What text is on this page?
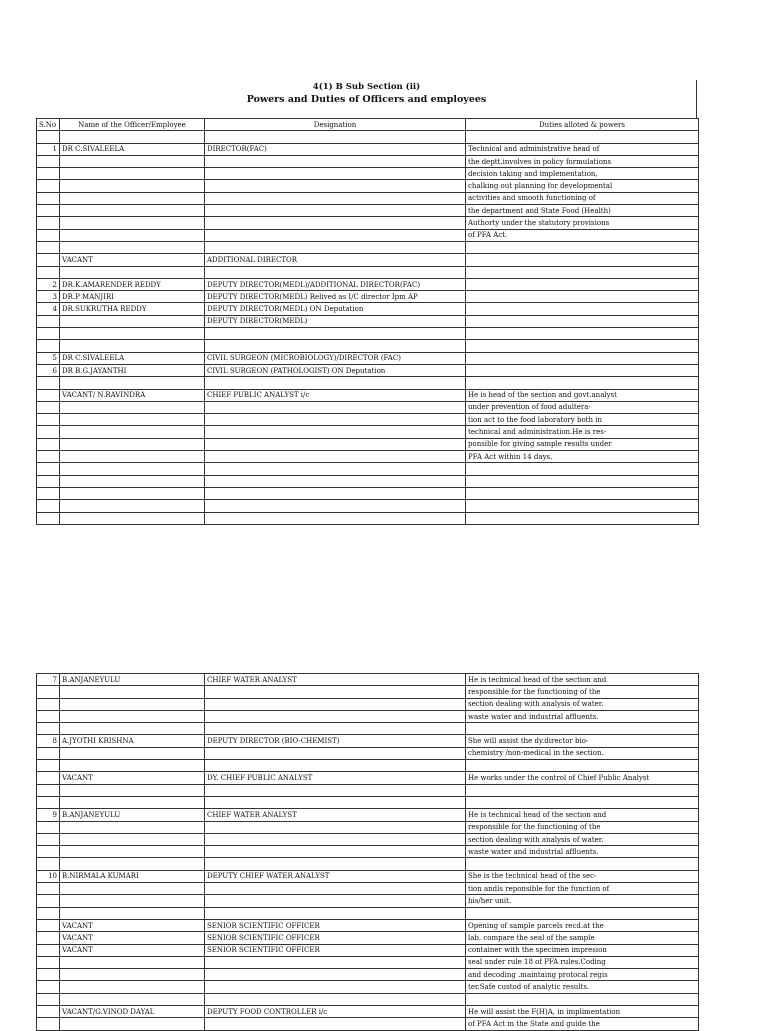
4(1) B Sub Section (ii)
Powers and Duties of Officers and employees
S.No	Name of the Officer/Employee	Designation	Duties alloted & powers

1	DR C.SIVALEELA	DIRECTOR(FAC)	Technical and administrative head of
			the deptt.involves in policy formulations
			decision taking and implementation,
			chalking out planning for developmental
			activities and smooth functioning of
			the department and State Food (Health)
			Authorty under the statutory provisions
			of PFA Act.

	VACANT	ADDITIONAL DIRECTOR	

2	DR.K.AMARENDER REDDY	DEPUTY DIRECTOR(MEDL)/ADDITIONAL DIRECTOR(FAC)	
3	DR.P MANJIRI	DEPUTY DIRECTOR(MEDL) Relived as I/C director Ipm AP	
4	DR.SUKRUTHA REDDY	DEPUTY DIRECTOR(MEDL) ON Deputation	
		DEPUTY DIRECTOR(MEDL)	

5	DR C.SIVALEELA	CIVIL SURGEON (MICROBIOLOGY)/DIRECTOR (FAC)	
6	DR B.G.JAYANTHI	CIVIL SURGEON (PATHOLOGIST) ON Deputation	

	VACANT/ N.RAVINDRA	CHIEF PUBLIC ANALYST i/c	He is head of the section and govt.analyst
			under prevention of food adultera-
			tion act to the food laboratory both in
			technical and administration.He is res-
			ponsible for giving sample results under
			PFA Act within 14 days.

7	B.ANJANEYULU	CHIEF WATER ANALYST	He is technical head of the section and
			responsible for the functioning of the
			section dealing with analysis of water.
			waste water and industrial affluents.

8	A.JYOTHI KRISHNA	DEPUTY DIRECTOR (BIO-CHEMIST)	She will assist the dy.director bio-
			chemistry /non-medical in the section.

	VACANT	DY. CHIEF PUBLIC ANALYST	He works under the control of Chief Public Analyst

9	B.ANJANEYULU	CHIEF WATER ANALYST	He is technical head of the section and
			responsible for the functioning of the
			section dealing with analysis of water.
			waste water and industrial affluents.

10	B.NIRMALA KUMARI	DEPUTY CHIEF WATER ANALYST	She is the technical head of the sec-
			tion andis reponsible for the function of
			his/her unit.

	VACANT	SENIOR SCIENTIFIC OFFICER	Opening of sample parcels recd.at the
	VACANT	SENIOR SCIENTIFIC OFFICER	lab. compare the seal of the sample
	VACANT	SENIOR SCIENTIFIC OFFICER	container with the specimen impresion
			seal under rule 18 of PFA rules.Coding
			and decoding .maintaing protocal regis
			ter.Safe custod of analytic results.

	VACANT/G.VINOD DAYAL	DEPUTY FOOD CONTROLLER i/c	He will assist the F(H)A, in implimentation
			of PFA Act in the State and guide the
